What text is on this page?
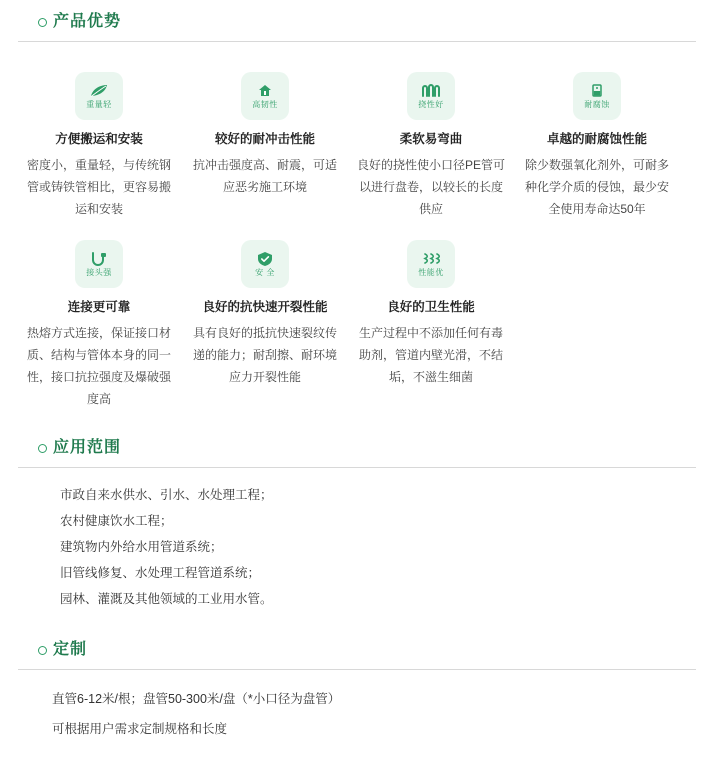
产品优势
重量轻
方便搬运和安装
密度小，重量轻，与传统钢管或铸铁管相比，更容易搬运和安装
高韧性
较好的耐冲击性能
抗冲击强度高、耐震，可适应恶劣施工环境
挠性好
柔软易弯曲
良好的挠性使小口径PE管可以进行盘卷，以较长的长度供应
耐腐蚀
卓越的耐腐蚀性能
除少数强氧化剂外，可耐多种化学介质的侵蚀，最少安全使用寿命达50年
接头强
连接更可靠
热熔方式连接，保证接口材质、结构与管体本身的同一性，接口抗拉强度及爆破强度高
安 全
良好的抗快速开裂性能
具有良好的抵抗快速裂纹传递的能力；耐刮擦、耐环境应力开裂性能
性能优
良好的卫生性能
生产过程中不添加任何有毒助剂，管道内壁光滑，不结垢，不滋生细菌
应用范围
市政自来水供水、引水、水处理工程；
农村健康饮水工程；
建筑物内外给水用管道系统；
旧管线修复、水处理工程管道系统；
园林、灌溉及其他领域的工业用水管。
定制
直管6-12米/根；盘管50-300米/盘（*小口径为盘管）
可根据用户需求定制规格和长度
